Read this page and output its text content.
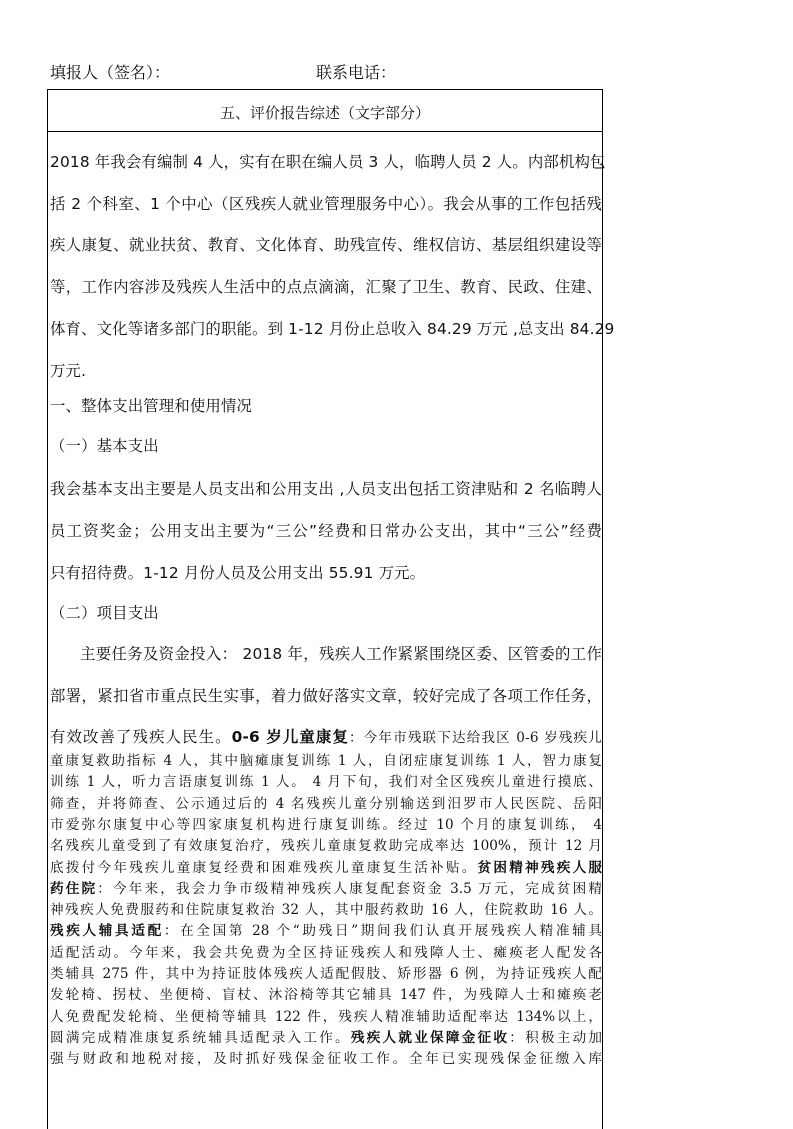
填报人（签名）：	联系电话：
五、评价报告综述（文字部分）
2018 年我会有编制 4 人，实有在职在编人员 3 人，临聘人员 2 人。内部机构包
括 2 个科室、1 个中心（区残疾人就业管理服务中心）。我会从事的工作包括残
疾人康复、就业扶贫、教育、文化体育、助残宣传、维权信访、基层组织建设等
等，工作内容涉及残疾人生活中的点点滴滴，汇聚了卫生、教育、民政、住建、
体育、文化等诸多部门的职能。到 1-12 月份止总收入 84.29 万元 ,总支出 84.29
万元.
一、整体支出管理和使用情况
（一）基本支出
我会基本支出主要是人员支出和公用支出 ,人员支出包括工资津贴和 2 名临聘人
员工资奖金；公用支出主要为“三公”经费和日常办公支出，其中“三公”经费
只有招待费。1-12 月份人员及公用支出 55.91 万元。
（二）项目支出
主要任务及资金投入： 2018 年，残疾人工作紧紧围绕区委、区管委的工作
部署，紧扣省市重点民生实事，着力做好落实文章，较好完成了各项工作任务，
有效改善了残疾人民生。0-6 岁儿童康复：今年市残联下达给我区 0-6 岁残疾儿
童康复救助指标 4 人，其中脑瘫康复训练 1 人，自闭症康复训练 1 人，智力康复
训练 1 人，听力言语康复训练 1 人。 4 月下旬，我们对全区残疾儿童进行摸底、
筛查，并将筛查、公示通过后的 4 名残疾儿童分别输送到汨罗市人民医院、岳阳
市爱弥尔康复中心等四家康复机构进行康复训练。经过 10 个月的康复训练， 4
名残疾儿童受到了有效康复治疗，残疾儿童康复救助完成率达 100%，预计 12 月
底拨付今年残疾儿童康复经费和困难残疾儿童康复生活补贴。贫困精神残疾人服
药住院：今年来，我会力争市级精神残疾人康复配套资金 3.5 万元，完成贫困精
神残疾人免费服药和住院康复救治 32 人，其中服药救助 16 人，住院救助 16 人。
残疾人辅具适配：在全国第 28 个“助残日”期间我们认真开展残疾人精准辅具
适配活动。今年来，我会共免费为全区持证残疾人和残障人士、瘫痪老人配发各
类辅具 275 件，其中为持证肢体残疾人适配假肢、矫形器 6 例，为持证残疾人配
发轮椅、拐杖、坐便椅、盲杖、沐浴椅等其它辅具 147 件，为残障人士和瘫痪老
人免费配发轮椅、坐便椅等辅具 122 件，残疾人精准辅助适配率达 134%以上，
圆满完成精准康复系统辅具适配录入工作。残疾人就业保障金征收：积极主动加
强与财政和地税对接，及时抓好残保金征收工作。全年已实现残保金征缴入库
